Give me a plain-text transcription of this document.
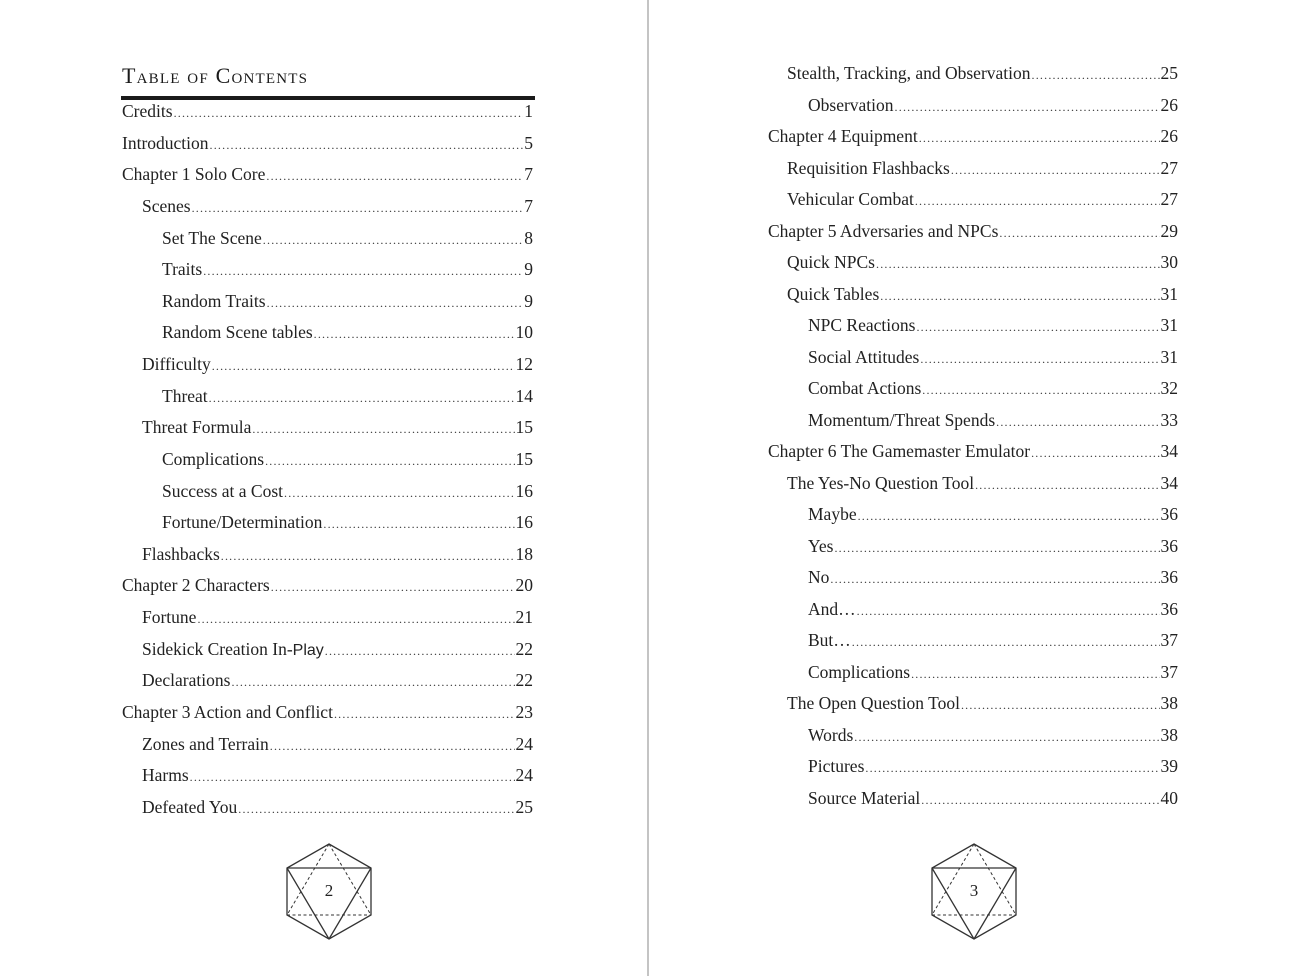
Table of Contents
Credits .....	1
Introduction .....	5
Chapter 1 Solo Core .....	7
Scenes .....	7
Set The Scene .....	8
Traits .....	9
Random Traits .....	9
Random Scene tables .....	10
Difficulty .....	12
Threat .....	14
Threat Formula .....	15
Complications .....	15
Success at a Cost .....	16
Fortune/Determination .....	16
Flashbacks .....	18
Chapter 2 Characters .....	20
Fortune .....	21
Sidekick Creation In-Play .....	22
Declarations .....	22
Chapter 3 Action and Conflict .....	23
Zones and Terrain .....	24
Harms .....	24
Defeated You .....	25
2
Stealth, Tracking, and Observation .....	25
Observation .....	26
Chapter 4 Equipment .....	26
Requisition Flashbacks .....	27
Vehicular Combat .....	27
Chapter 5 Adversaries and NPCs .....	29
Quick NPCs .....	30
Quick Tables .....	31
NPC Reactions .....	31
Social Attitudes .....	31
Combat Actions .....	32
Momentum/Threat Spends .....	33
Chapter 6 The Gamemaster Emulator .....	34
The Yes-No Question Tool .....	34
Maybe .....	36
Yes .....	36
No .....	36
And… .....	36
But… .....	37
Complications .....	37
The Open Question Tool .....	38
Words .....	38
Pictures .....	39
Source Material .....	40
3
